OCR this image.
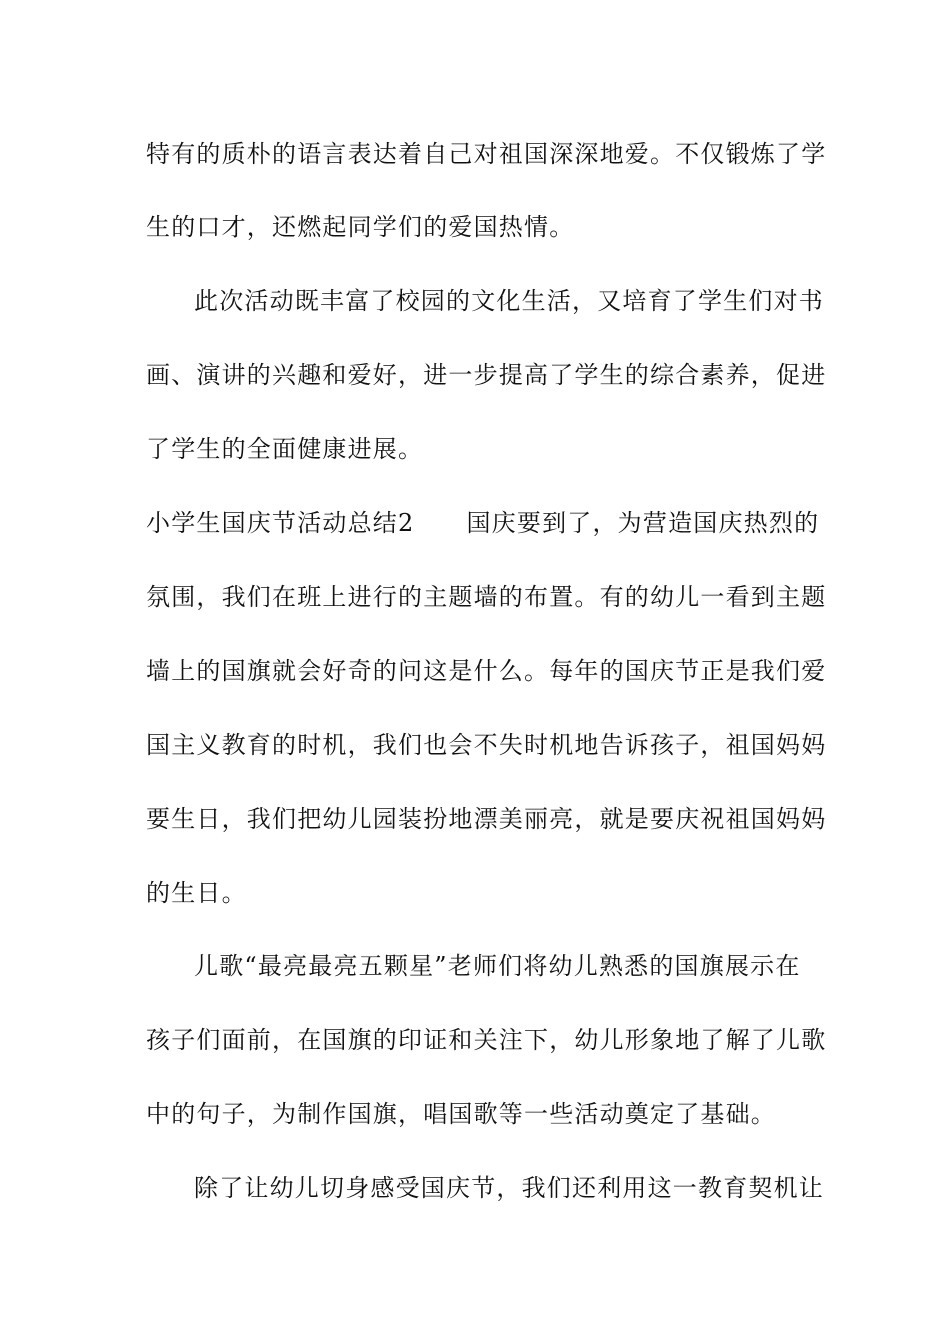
特有的质朴的语言表达着自己对祖国深深地爱。不仅锻炼了学
生的口才，还燃起同学们的爱国热情。
此次活动既丰富了校园的文化生活，又培育了学生们对书
画、演讲的兴趣和爱好，进一步提高了学生的综合素养，促进
了学生的全面健康进展。
小学生国庆节活动总结2 国庆要到了，为营造国庆热烈的
氛围，我们在班上进行的主题墙的布置。有的幼儿一看到主题
墙上的国旗就会好奇的问这是什么。每年的国庆节正是我们爱
国主义教育的时机，我们也会不失时机地告诉孩子，祖国妈妈
要生日，我们把幼儿园装扮地漂美丽亮，就是要庆祝祖国妈妈
的生日。
儿歌“最亮最亮五颗星”老师们将幼儿熟悉的国旗展示在
孩子们面前，在国旗的印证和关注下，幼儿形象地了解了儿歌
中的句子，为制作国旗，唱国歌等一些活动奠定了基础。
除了让幼儿切身感受国庆节，我们还利用这一教育契机让
